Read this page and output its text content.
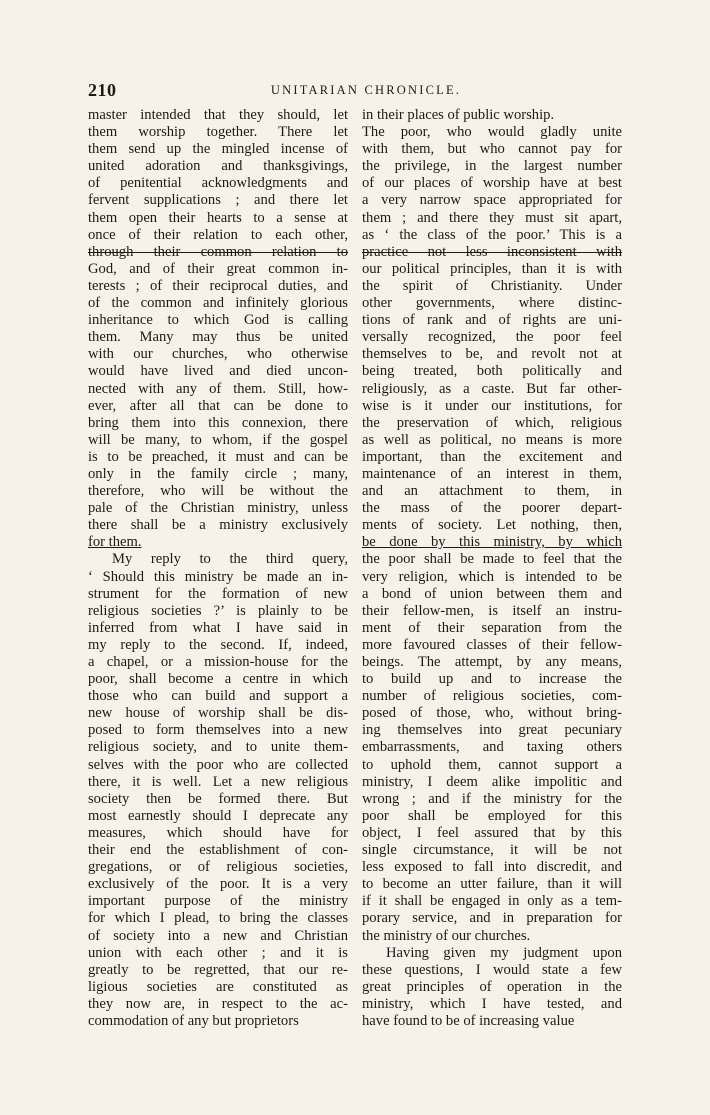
210	UNITARIAN CHRONICLE.
master intended that they should, let
them worship together. There let
them send up the mingled incense of
united adoration and thanksgivings,
of penitential acknowledgments and
fervent supplications ; and there let
them open their hearts to a sense at
once of their relation to each other,
through their common relation to
God, and of their great common in-
terests ; of their reciprocal duties, and
of the common and infinitely glorious
inheritance to which God is calling
them. Many may thus be united
with our churches, who otherwise
would have lived and died uncon-
nected with any of them. Still, how-
ever, after all that can be done to
bring them into this connexion, there
will be many, to whom, if the gospel
is to be preached, it must and can be
only in the family circle ; many,
therefore, who will be without the
pale of the Christian ministry, unless
there shall be a ministry exclusively
for them.
My reply to the third query,
‘ Should this ministry be made an in-
strument for the formation of new
religious societies ?’ is plainly to be
inferred from what I have said in
my reply to the second. If, indeed,
a chapel, or a mission-house for the
poor, shall become a centre in which
those who can build and support a
new house of worship shall be dis-
posed to form themselves into a new
religious society, and to unite them-
selves with the poor who are collected
there, it is well. Let a new religious
society then be formed there. But
most earnestly should I deprecate any
measures, which should have for
their end the establishment of con-
gregations, or of religious societies,
exclusively of the poor. It is a very
important purpose of the ministry
for which I plead, to bring the classes
of society into a new and Christian
union with each other ; and it is
greatly to be regretted, that our re-
ligious societies are constituted as
they now are, in respect to the ac-
commodation of any but proprietors
in their places of public worship.
The poor, who would gladly unite
with them, but who cannot pay for
the privilege, in the largest number
of our places of worship have at best
a very narrow space appropriated for
them ; and there they must sit apart,
as ‘ the class of the poor.’ This is a
practice not less inconsistent with
our political principles, than it is with
the spirit of Christianity. Under
other governments, where distinc-
tions of rank and of rights are uni-
versally recognized, the poor feel
themselves to be, and revolt not at
being treated, both politically and
religiously, as a caste. But far other-
wise is it under our institutions, for
the preservation of which, religious
as well as political, no means is more
important, than the excitement and
maintenance of an interest in them,
and an attachment to them, in
the mass of the poorer depart-
ments of society. Let nothing, then,
be done by this ministry, by which
the poor shall be made to feel that the
very religion, which is intended to be
a bond of union between them and
their fellow-men, is itself an instru-
ment of their separation from the
more favoured classes of their fellow-
beings. The attempt, by any means,
to build up and to increase the
number of religious societies, com-
posed of those, who, without bring-
ing themselves into great pecuniary
embarrassments, and taxing others
to uphold them, cannot support a
ministry, I deem alike impolitic and
wrong ; and if the ministry for the
poor shall be employed for this
object, I feel assured that by this
single circumstance, it will be not
less exposed to fall into discredit, and
to become an utter failure, than it will
if it shall be engaged in only as a tem-
porary service, and in preparation for
the ministry of our churches.
Having given my judgment upon
these questions, I would state a few
great principles of operation in the
ministry, which I have tested, and
have found to be of increasing value
